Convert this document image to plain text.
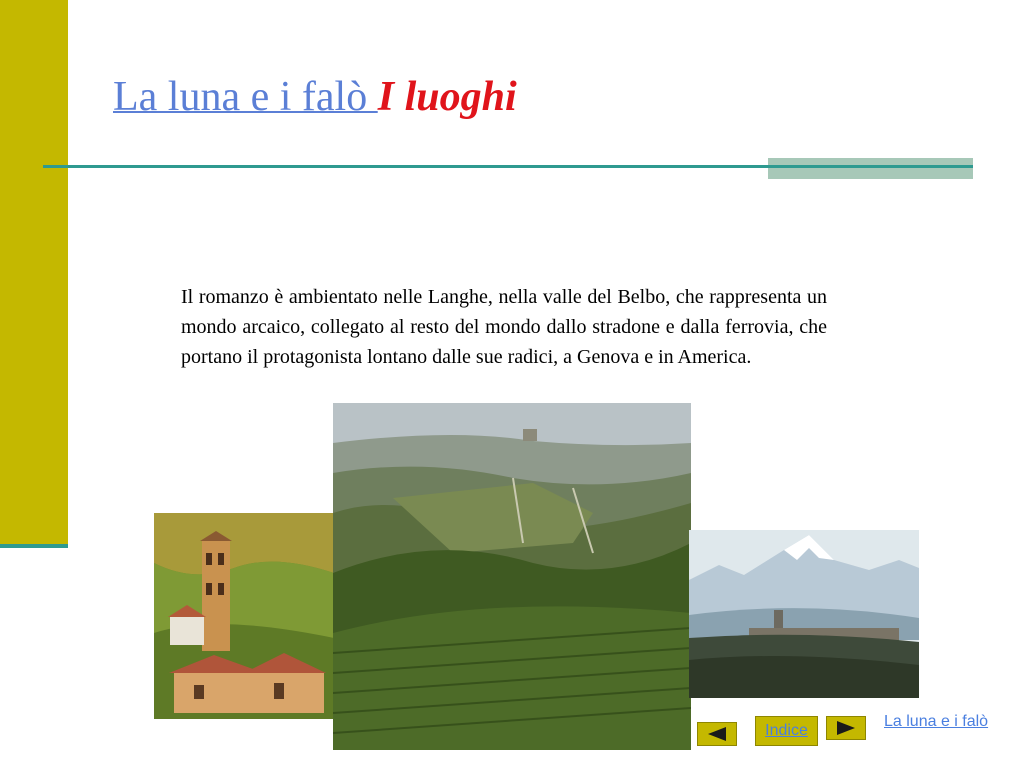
La luna e i falò I luoghi
Il romanzo è ambientato nelle Langhe, nella valle del Belbo, che rappresenta un mondo arcaico, collegato al resto del mondo dallo stradone e dalla ferrovia, che portano il protagonista lontano dalle sue radici, a Genova e in America.
Indice
La luna e i falò
